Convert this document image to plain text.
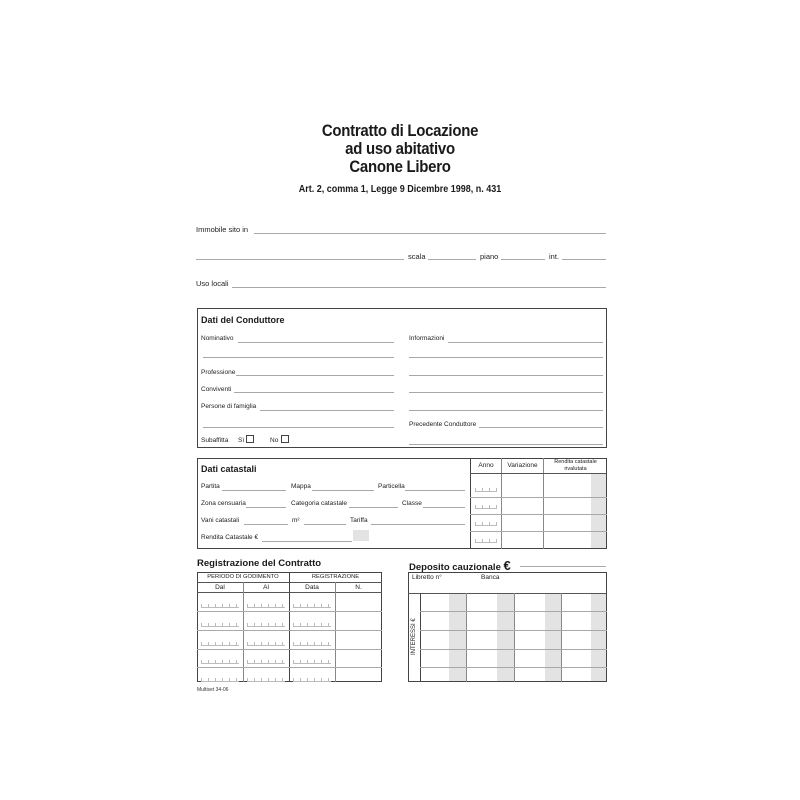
Contratto di Locazione
ad uso abitativo
Canone Libero
Art. 2, comma 1, Legge 9 Dicembre 1998, n. 431
Immobile sito in
scala	piano	int.
Uso locali
Dati del Conduttore
Nominativo	Informazioni
Professione
Conviventi
Persone di famiglia
Precedente Conduttore
Subaffitta Sì	No
Anno	Variazione	Rendita catastale
rivalutata
Dati catastali
Partita	Mappa	Particella
Zona censuaria	Categoria catastale	Classe
Vani catastali	m²	Tariffa
Rendita Catastale €
Registrazione del Contratto
PERIODO DI GODIMENTO	REGISTRAZIONE
Dal	Al	Data	N.
Deposito cauzionale €
Libretto n°	Banca
INTERESSI €
Multiset 34-06
